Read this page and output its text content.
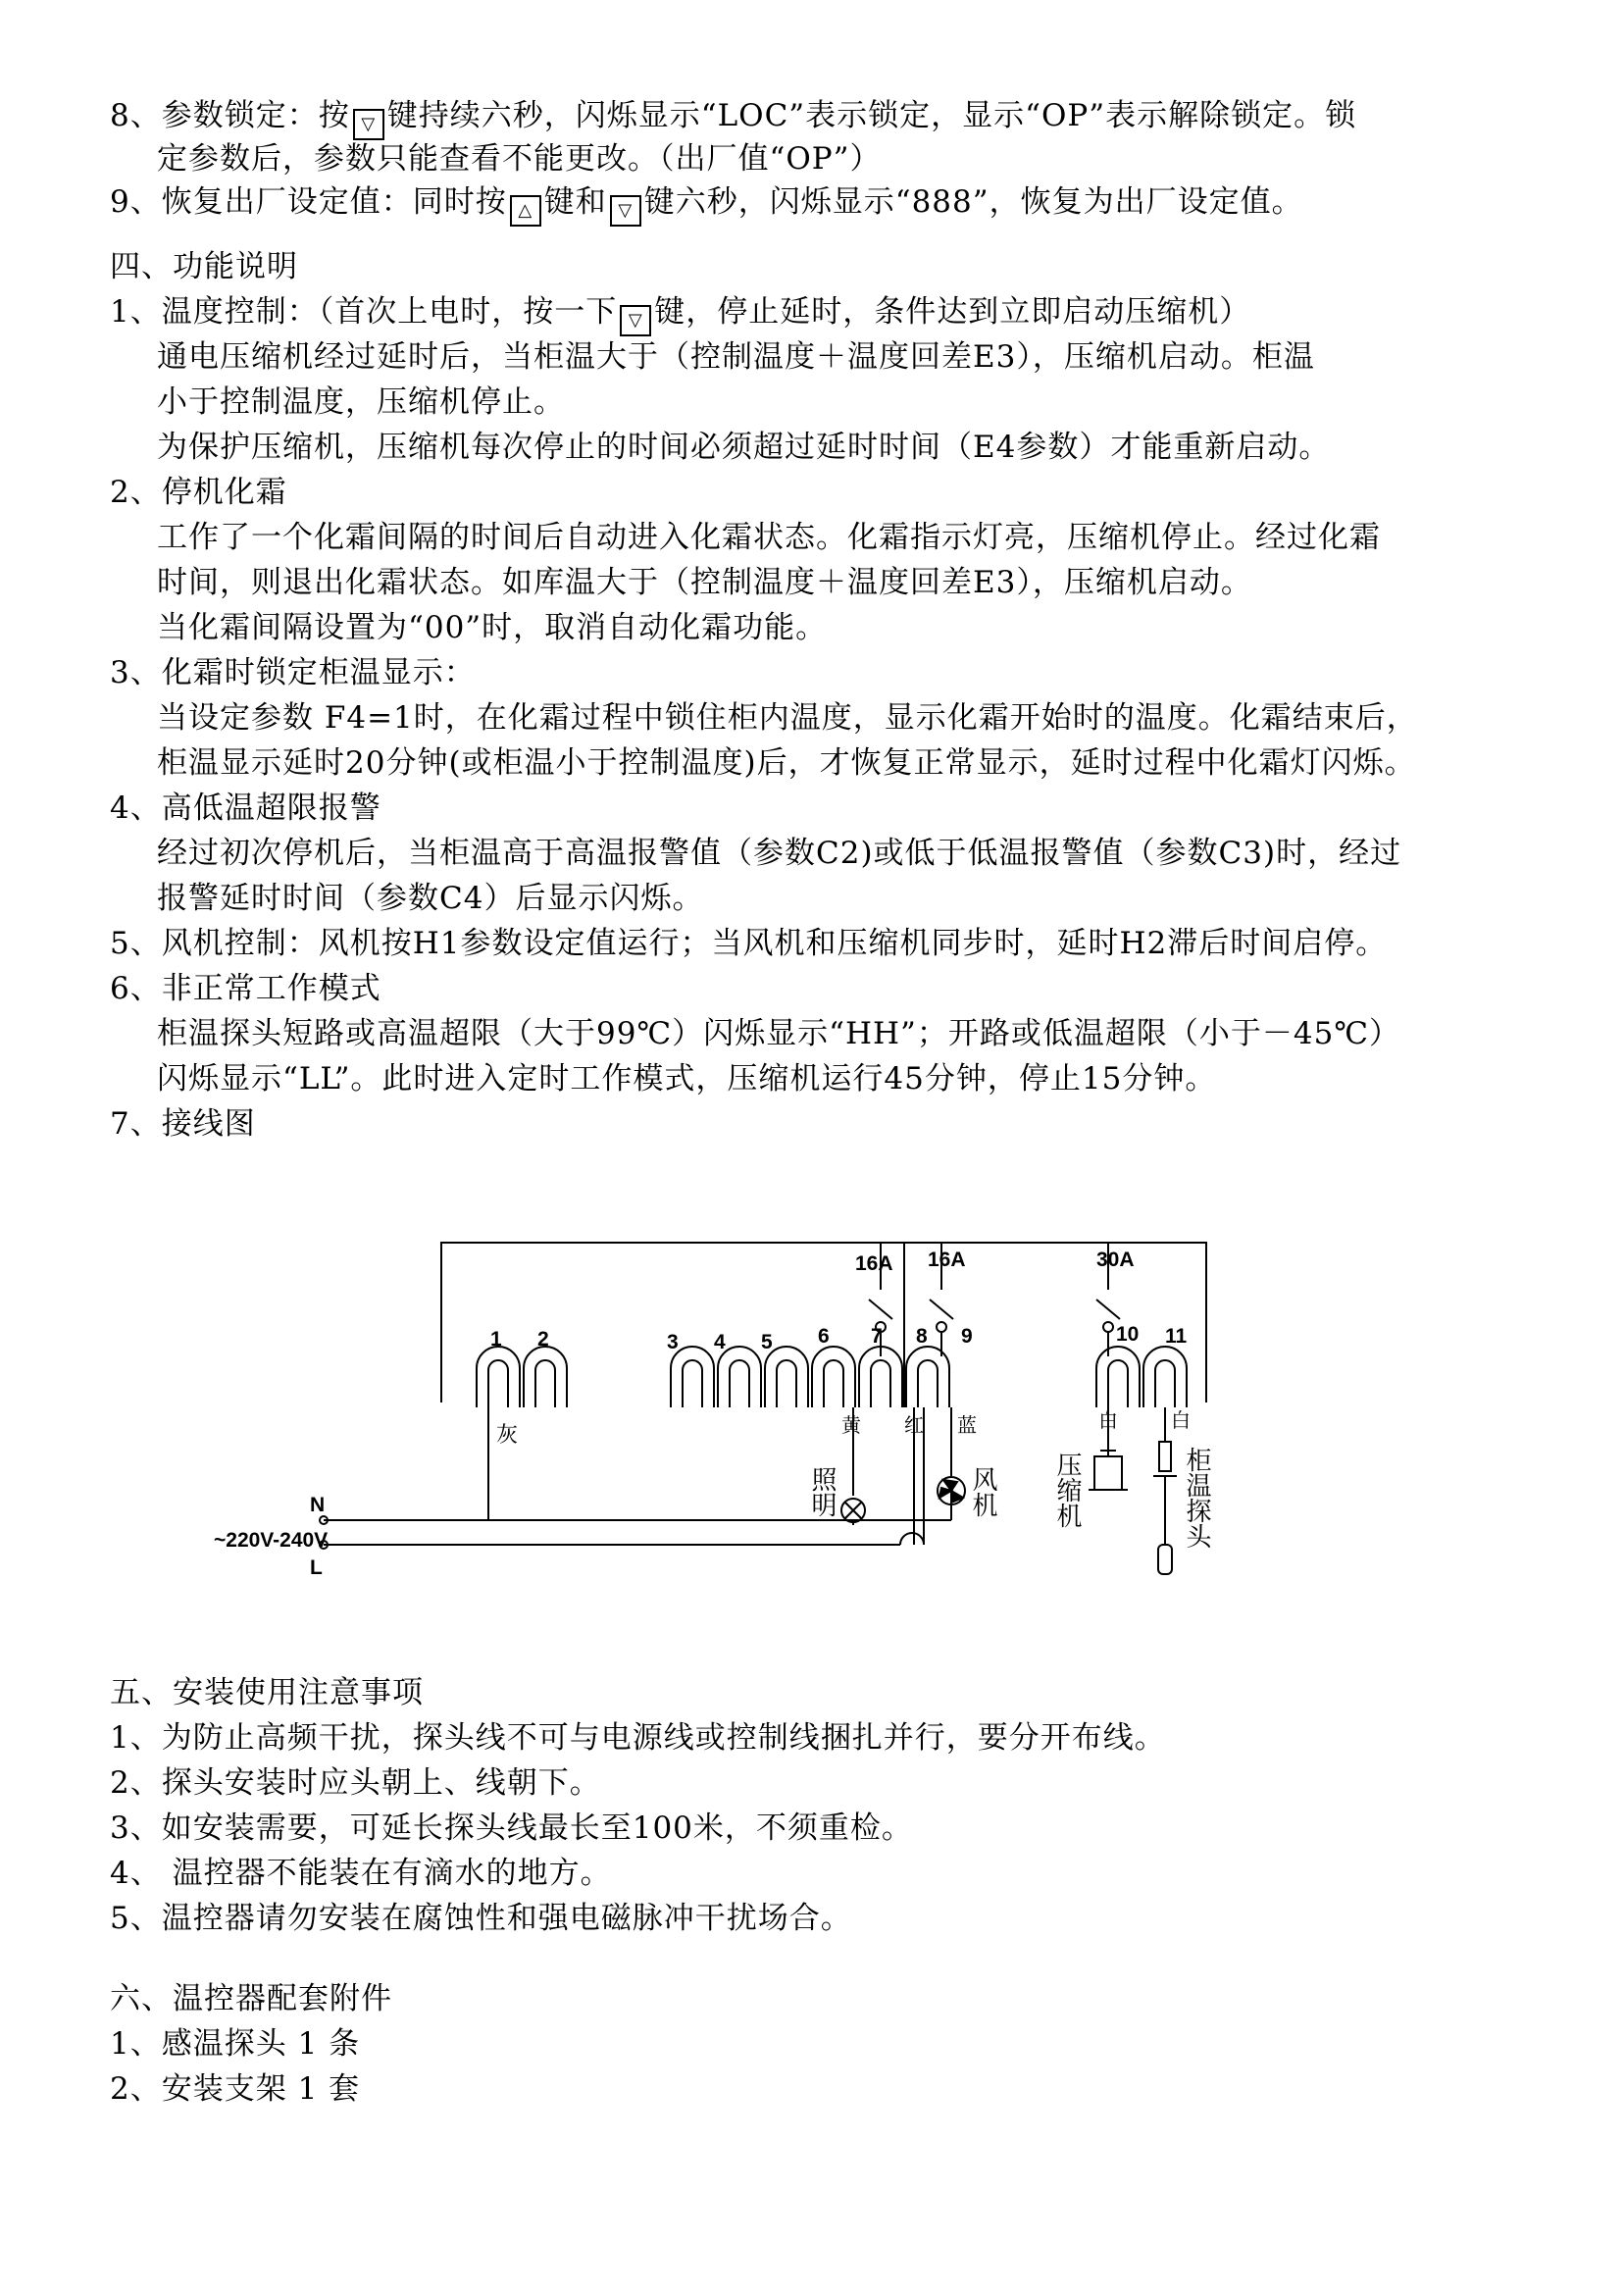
8、参数锁定：按 ▽ 键持续六秒，闪烁显示“LOC”表示锁定，显示“OP”表示解除锁定。锁
定参数后，参数只能查看不能更改。（出厂值“OP”）
9、恢复出厂设定值：同时按 △ 键和 ▽ 键六秒，闪烁显示“888”，恢复为出厂设定值。
四、功能说明
1、温度控制：（首次上电时，按一下 ▽ 键，停止延时，条件达到立即启动压缩机）
通电压缩机经过延时后，当柜温大于（控制温度＋温度回差E3），压缩机启动。柜温
小于控制温度，压缩机停止。
为保护压缩机，压缩机每次停止的时间必须超过延时时间（E4参数）才能重新启动。
2、停机化霜
工作了一个化霜间隔的时间后自动进入化霜状态。化霜指示灯亮，压缩机停止。经过化霜
时间，则退出化霜状态。如库温大于（控制温度＋温度回差E3），压缩机启动。
当化霜间隔设置为“00”时，取消自动化霜功能。
3、化霜时锁定柜温显示：
当设定参数 F4=1时，在化霜过程中锁住柜内温度，显示化霜开始时的温度。化霜结束后，
柜温显示延时20分钟(或柜温小于控制温度)后，才恢复正常显示，延时过程中化霜灯闪烁。
4、高低温超限报警
经过初次停机后，当柜温高于高温报警值（参数C2)或低于低温报警值（参数C3)时，经过
报警延时时间（参数C4）后显示闪烁。
5、风机控制：风机按H1参数设定值运行；当风机和压缩机同步时，延时H2滞后时间启停。
6、非正常工作模式
柜温探头短路或高温超限（大于99℃）闪烁显示“HH”；开路或低温超限（小于－45℃）
闪烁显示“LL”。此时进入定时工作模式，压缩机运行45分钟，停止15分钟。
7、接线图
1 2	3 4 5 6 7 8 9	10 11
16A 16A	30A
灰	黄 红 蓝	白	白
照明	风机 压缩机	柜温探头
N
~220V-240V
L
五、安装使用注意事项
1、为防止高频干扰，探头线不可与电源线或控制线捆扎并行，要分开布线。
2、探头安装时应头朝上、线朝下。
3、如安装需要，可延长探头线最长至100米，不须重检。
4、 温控器不能装在有滴水的地方。
5、温控器请勿安装在腐蚀性和强电磁脉冲干扰场合。
六、温控器配套附件
1、感温探头 1 条
2、安装支架 1 套
